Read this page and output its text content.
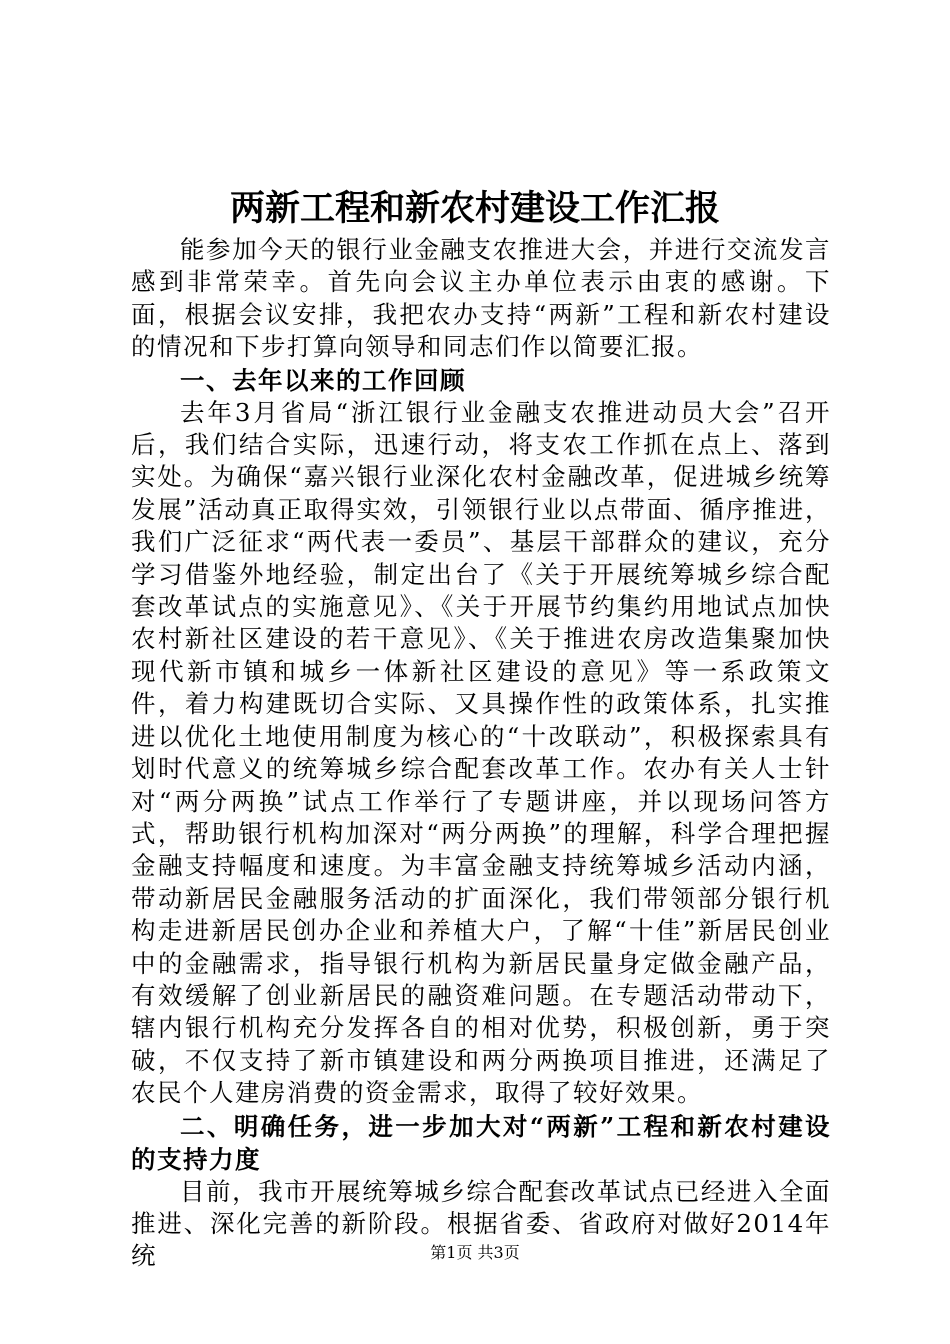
两新工程和新农村建设工作汇报

能参加今天的银行业金融支农推进大会，并进行交流发言感到非常荣幸。首先向会议主办单位表示由衷的感谢。下面，根据会议安排，我把农办支持“两新”工程和新农村建设的情况和下步打算向领导和同志们作以简要汇报。

一、去年以来的工作回顾

去年3月省局“浙江银行业金融支农推进动员大会”召开后，我们结合实际，迅速行动，将支农工作抓在点上、落到实处。为确保“嘉兴银行业深化农村金融改革，促进城乡统筹发展”活动真正取得实效，引领银行业以点带面、循序推进，我们广泛征求“两代表一委员”、基层干部群众的建议，充分学习借鉴外地经验，制定出台了《关于开展统筹城乡综合配套改革试点的实施意见》、《关于开展节约集约用地试点加快农村新社区建设的若干意见》、《关于推进农房改造集聚加快现代新市镇和城乡一体新社区建设的意见》等一系政策文件，着力构建既切合实际、又具操作性的政策体系，扎实推进以优化土地使用制度为核心的“十改联动”，积极探索具有划时代意义的统筹城乡综合配套改革工作。农办有关人士针对“两分两换”试点工作举行了专题讲座，并以现场问答方式，帮助银行机构加深对“两分两换”的理解，科学合理把握金融支持幅度和速度。为丰富金融支持统筹城乡活动内涵，带动新居民金融服务活动的扩面深化，我们带领部分银行机构走进新居民创办企业和养植大户，了解“十佳”新居民创业中的金融需求，指导银行机构为新居民量身定做金融产品，有效缓解了创业新居民的融资难问题。在专题活动带动下，辖内银行机构充分发挥各自的相对优势，积极创新，勇于突破，不仅支持了新市镇建设和两分两换项目推进，还满足了农民个人建房消费的资金需求，取得了较好效果。

二、明确任务，进一步加大对“两新”工程和新农村建设的支持力度

目前，我市开展统筹城乡综合配套改革试点已经进入全面推进、深化完善的新阶段。根据省委、省政府对做好2014年统	第1页 共3页
